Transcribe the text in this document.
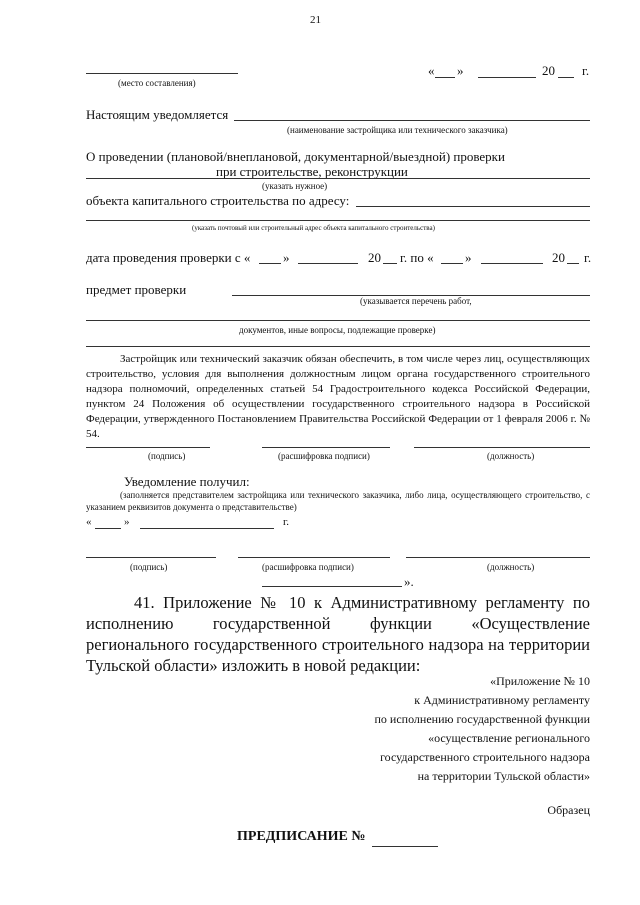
21
(место составления)
« »	20 г.
Настоящим уведомляется
(наименование застройщика или технического заказчика)
О проведении (плановой/внеплановой, документарной/выездной) проверки
при строительстве, реконструкции
(указать нужное)
объекта капитального строительства по адресу:
(указать почтовый или строительный адрес объекта капитального строительства)
дата проведения проверки с «	»	20 г. по « »	20 г.
предмет проверки
(указывается перечень работ,
документов, иные вопросы, подлежащие проверке)
Застройщик или технический заказчик обязан обеспечить, в том числе через лиц, осуществляющих строительство, условия для выполнения должностным лицом органа государственного строительного надзора полномочий, определенных статьей 54 Градостроительного кодекса Российской Федерации, пунктом 24 Положения об осуществлении государственного строительного надзора в Российской Федерации, утвержденного Постановлением Правительства Российской Федерации от 1 февраля 2006 г. № 54.
(подпись)	(расшифровка подписи)	(должность)
Уведомление получил:
(заполняется представителем застройщика или технического заказчика, либо лица, осуществляющего строительство, с указанием реквизитов документа о представительстве)
«	»	г.
(подпись)	(расшифровка подписи)	(должность)
».
41. Приложение № 10 к Административному регламенту по исполнению государственной функции «Осуществление регионального государственного строительного надзора на территории Тульской области» изложить в новой редакции:
«Приложение № 10
к Административному регламенту
по исполнению государственной функции
«осуществление регионального
государственного строительного надзора
на территории Тульской области»
Образец
ПРЕДПИСАНИЕ №
